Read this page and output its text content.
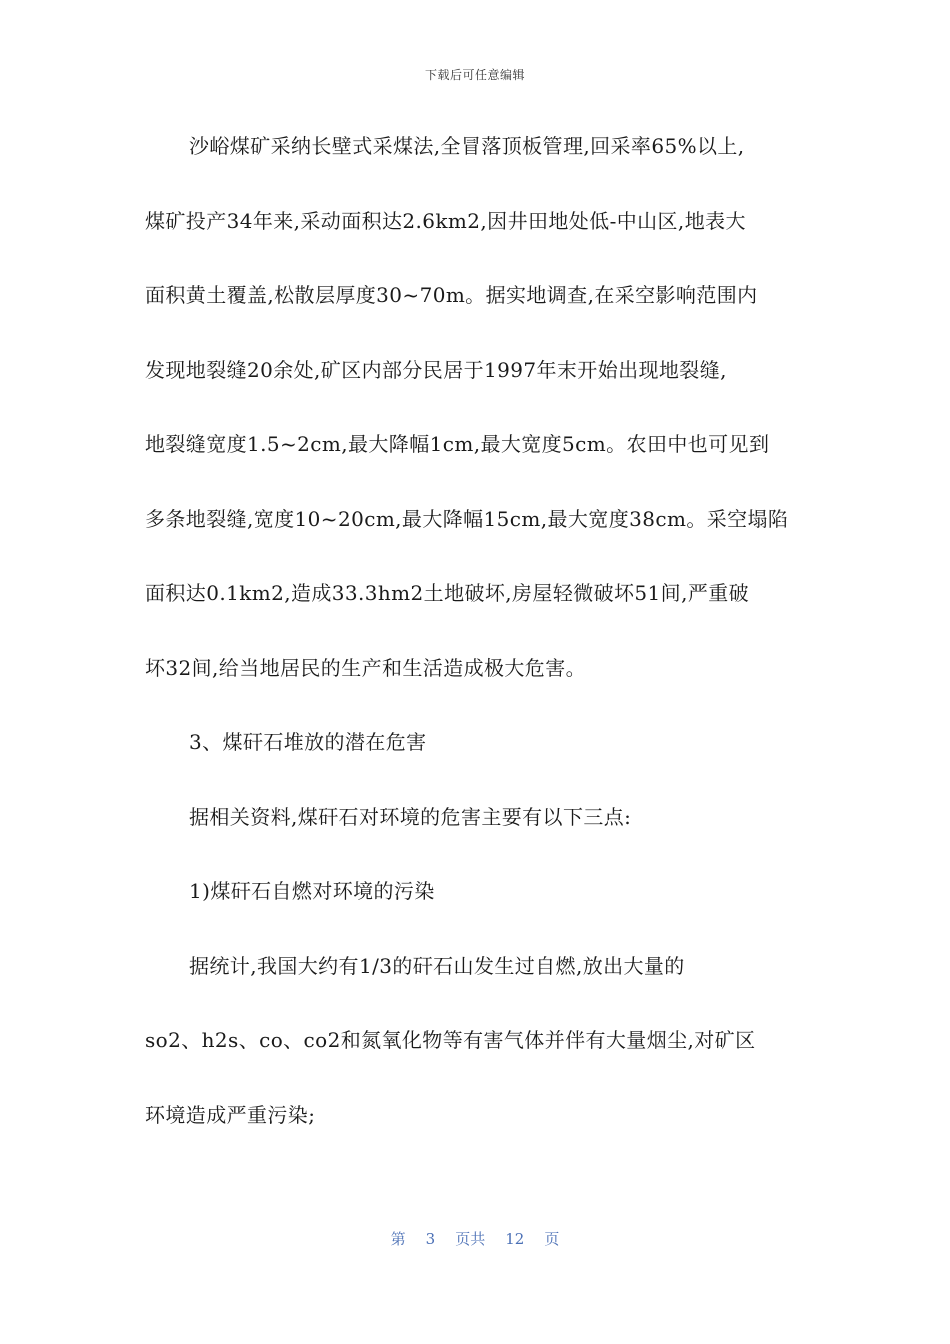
下载后可任意编辑
沙峪煤矿采纳长壁式采煤法,全冒落顶板管理,回采率65%以上,
煤矿投产34年来,采动面积达2.6km2,因井田地处低-中山区,地表大
面积黄土覆盖,松散层厚度30~70m。据实地调查,在采空影响范围内
发现地裂缝20余处,矿区内部分民居于1997年末开始出现地裂缝,
地裂缝宽度1.5~2cm,最大降幅1cm,最大宽度5cm。农田中也可见到
多条地裂缝,宽度10~20cm,最大降幅15cm,最大宽度38cm。采空塌陷
面积达0.1km2,造成33.3hm2土地破坏,房屋轻微破坏51间,严重破
坏32间,给当地居民的生产和生活造成极大危害。
3、煤矸石堆放的潜在危害
据相关资料,煤矸石对环境的危害主要有以下三点:
1)煤矸石自燃对环境的污染
据统计,我国大约有1/3的矸石山发生过自燃,放出大量的
so2、h2s、co、co2和氮氧化物等有害气体并伴有大量烟尘,对矿区
环境造成严重污染;
第 3 页共 12 页
